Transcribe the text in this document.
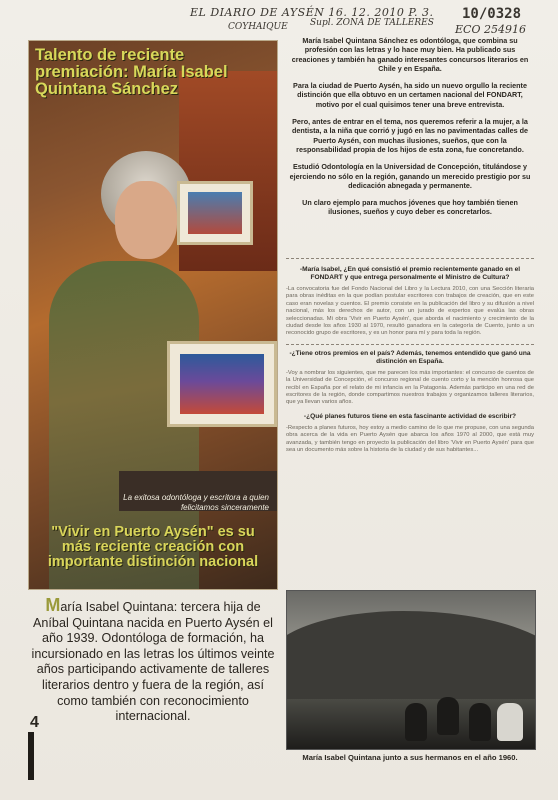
EL DIARIO DE AYSÉN 16. 12. 2010 P. 3.
COYHAIQUE Supl. ZONA DE TALLERES
10/0328
ECO 254916
Talento de reciente premiación: María Isabel Quintana Sánchez
La exitosa odontóloga y escritora a quien felicitamos sinceramente
"Vivir en Puerto Aysén" es su más reciente creación con importante distinción nacional

María Isabel Quintana Sánchez es odontóloga, que combina su profesión con las letras y lo hace muy bien. Ha publicado sus creaciones y también ha ganado interesantes concursos literarios en Chile y en España.

Para la ciudad de Puerto Aysén, ha sido un nuevo orgullo la reciente distinción que ella obtuvo en un certamen nacional del FONDART, motivo por el cual quisimos tener una breve entrevista.

Pero, antes de entrar en el tema, nos queremos referir a la mujer, a la dentista, a la niña que corrió y jugó en las no pavimentadas calles de Puerto Aysén, con muchas ilusiones, sueños, que con la responsabilidad propia de los hijos de esta zona, fue concretando.

Estudió Odontología en la Universidad de Concepción, titulándose y ejerciendo no sólo en la región, ganando un merecido prestigio por su dedicación abnegada y permanente.

Un claro ejemplo para muchos jóvenes que hoy también tienen ilusiones, sueños y cuyo deber es concretarlos.

-María Isabel, ¿En qué consistió el premio recientemente ganado en el FONDART y que entrega personalmente el Ministro de Cultura?

-La convocatoria fue del Fondo Nacional del Libro y la Lectura 2010, con una Sección literaria para obras inéditas en la que podían postular escritores con trabajos de creación, que en este caso eran novelas y cuentos. El premio consiste en la publicación del libro y su difusión a nivel nacional, más los derechos de autor, con un jurado de expertos que evalúa las obras seleccionadas. Mi obra 'Vivir en Puerto Aysén', que aborda el nacimiento y crecimiento de la ciudad desde los años 1930 al 1970, resultó ganadora en la categoría de Cuento, junto a un reconocido grupo de escritores, y es un honor para mí y para toda la región.

-¿Tiene otros premios en el país? Además, tenemos entendido que ganó una distinción en España.

-Voy a nombrar los siguientes, que me parecen los más importantes: el concurso de cuentos de la Universidad de Concepción, el concurso regional de cuento corto y la mención honrosa que recibí en España por el relato de mi infancia en la Patagonia. Además participo en una red de escritores de la región, donde compartimos nuestros trabajos y organizamos talleres literarios, que ya llevan varios años.

-¿Qué planes futuros tiene en esta fascinante actividad de escribir?

-Respecto a planes futuros, hoy estoy a medio camino de lo que me propuse, con una segunda obra acerca de la vida en Puerto Aysén que abarca los años 1970 al 2000, que está muy avanzada, y también tengo en proyecto la publicación del libro 'Vivir en Puerto Aysén' para que sea un documento más sobre la historia de la ciudad y de sus habitantes...

María Isabel Quintana: tercera hija de Aníbal Quintana nacida en Puerto Aysén el año 1939. Odontóloga de formación, ha incursionado en las letras los últimos veinte años participando activamente de talleres literarios dentro y fuera de la región, así como también con reconocimiento internacional.
4
María Isabel Quintana junto a sus hermanos en el año 1960.
